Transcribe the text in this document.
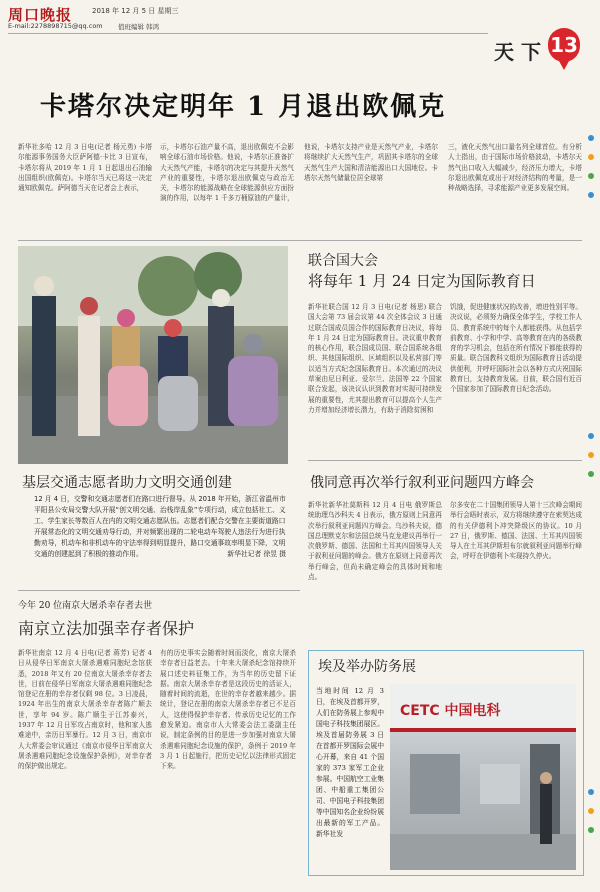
周口晚报	2018 年 12 月 5 日 星期三
E-mail:2278898715@qq.com 值班编辑 韩鸿
天 下 13
卡塔尔决定明年 1 月退出欧佩克
新华社多哈 12 月 3 日电(记者 杨元勇) 卡塔尔能源事务国务大臣萨阿德·卡比 3 日宣布，卡塔尔将从 2019 年 1 月 1 日起退出石油输出国组织(欧佩克)。卡塔尔当天已将这一决定通知欧佩克。萨阿德当天在记者会上表示，
示，卡塔尔石油产量不高，退出欧佩克不会影响全球石油市场价格。他说，卡塔尔正准备扩大天然气产能，卡塔尔的决定与其提升天然气产业的重要性，卡塔尔退出欧佩克与政治无关，卡塔尔的能源战略在全球能源供应方面扮演的作用，以每年 1 千多万桶原油的产量计，
他说，卡塔尔支持产业是天然气产业，卡塔尔将继续扩大天然气生产，巩固其卡塔尔的全球天然气生产大国和清洁能源出口大国地位。卡塔尔天然气储量位居全球第
三，液化天然气出口量名列全球首位。有分析人士指出，由于国际市场价格波动，卡塔尔天然气出口收入大幅减少，经济压力增大，卡塔尔退出欧佩克或出于对经济结构的考量，是一种战略选择，寻求能源产业更多发展空间。
基层交通志愿者助力文明交通创建
12 月 4 日，交警和交通志愿者们在路口进行督导。从 2018 年开始，浙江省温州市平阳县公安局交警大队开展“创文明交通、治栈岸乱象”专项行动，成立包括社工、义工、学生家长等数百人在内的文明交通志愿队伍。志愿者们配合交警在主要街道路口开展常态化的文明交通劝导行动，并对频繁出现的二轮电动车驾驶人违法行为进行执勤劝导，机动车和非机动车的守法率得到明显提升，路口交通事故率明显下降，文明交通的创建起到了积极的推动作用。	新华社记者 徐昱 摄
联合国大会
将每年 1 月 24 日定为国际教育日
新华社联合国 12 月 3 日电(记者 杨思) 联合国大会第 73 届会议第 44 次全体会议 3 日通过联合国成员国合作的国际教育日决议，将每年 1 月 24 日定为国际教育日。决议重申教育的核心作用，联合国成员国、联合国系统各组织、其他国际组织、区域组织以及私营部门等以适当方式纪念国际教育日。本次通过的决议草案由尼日利亚、爱尔兰、法国等 22 个国家联合发起，该决议认识到教育对实现可持续发展的重要性，尤其提出教育可以提高个人生产力并增加经济增长潜力，有助于消除贫困和
饥饿，促进健康状况的改善，增进性别平等。决议说，必须努力确保全体学生，学校工作人员、教育系统中的每个人都能获得。从包括学前教育、小学和中学、高等教育在内的各级教育的学习机会，包括在所有情况下都能获得的质量。联合国教科文组织为国际教育日活动提供便利，并呼吁国际社会以各种方式庆祝国际教育日，支持教育发展。目前，联合国有近百个国家参加了国际教育日纪念活动。
俄同意再次举行叙利亚问题四方峰会
新华社新华社莫斯科 12 月 4 日电 俄罗斯总统助理乌沙科夫 4 日表示，俄方原则上同意再次举行叙利亚问题四方峰会。乌沙科夫说，德国总理默克尔和法国总统马克龙建议再举行一次俄罗斯、德国、法国和土耳其四国领导人关于叙利亚问题的峰会。俄方在原则上同意再次举行峰会，但尚未确定峰会的具体时间和地点。
尔多安在二十国集团领导人第十三次峰会期间举行会晤时表示，双方将继续遵守在索契达成的有关伊德利卜冲突降级区的协议。10 月 27 日，俄罗斯、德国、法国、土耳其四国领导人在土耳其伊斯坦布尔就叙利亚问题举行峰会，呼吁在伊德利卜实现持久停火。
今年 20 位南京大屠杀幸存者去世
南京立法加强幸存者保护
新华社南京 12 月 4 日电(记者 蒋芳) 记者 4 日从侵华日军南京大屠杀遇难同胞纪念馆获悉，2018 年又有 20 位南京大屠杀幸存者去世，目前在侵华日军南京大屠杀遇难同胞纪念馆登记在册的幸存者仅剩 98 位。3 日凌晨，1924 年出生的南京大屠杀幸存者陈广顺去世，享年 94 岁。陈广顺生于江苏泰兴，1937 年 12 月日军攻占南京时，他和家人逃难途中，亲历日军暴行。12 月 3 日，南京市人大常委会审议通过《南京市侵华日军南京大屠杀遇难同胞纪念设施保护条例》，对幸存者的保护做出规定。
有的历史事实会随着时间而淡化，南京大屠杀幸存者日益老去。十年来大屠杀纪念馆持续开展口述史料征集工作，为当年的历史留下证据。南京大屠杀幸存者是这段历史的活证人，随着时间的流逝，在世的幸存者越来越少。据统计，登记在册的南京大屠杀幸存者已不足百人，这使得保护幸存者、传承历史记忆的工作愈发紧迫。南京市人大常委会法工委副主任说，制定条例的目的是进一步加强对南京大屠杀遇难同胞纪念设施的保护，条例于 2019 年 3 月 1 日起施行，把历史记忆以法律形式固定下来。
埃及举办防务展
当地时间 12 月 3 日，在埃及首都开罗，人们在防务展上参观中国电子科技集团展区。埃及首届防务展 3 日在首都开罗国际会展中心开幕，来自 41 个国家的 373 家军工企业参展。中国航空工业集团、中船重工集团公司、中国电子科技集团等中国知名企业纷纷展出最新的军工产品。 新华社发
CETC 中国电科
